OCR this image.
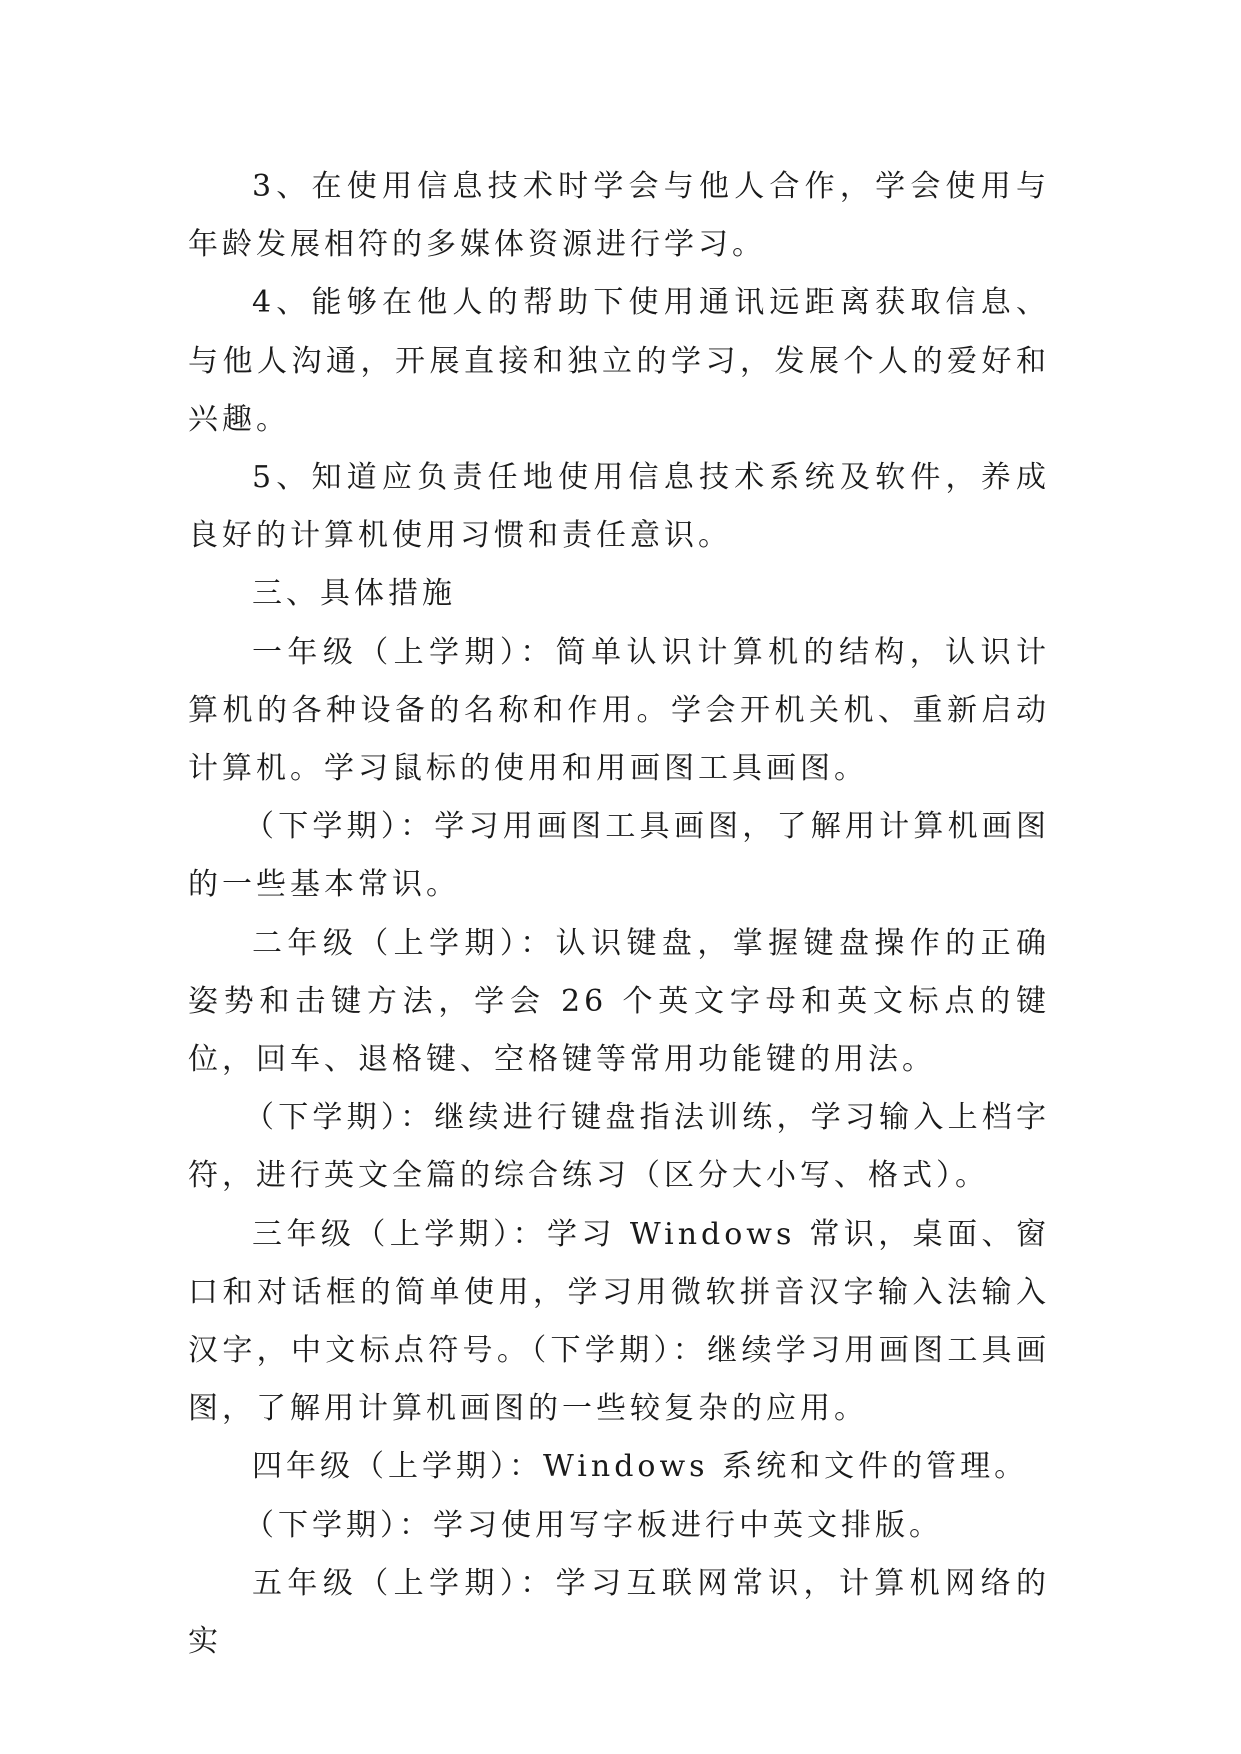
3、在使用信息技术时学会与他人合作，学会使用与年龄发展相符的多媒体资源进行学习。

4、能够在他人的帮助下使用通讯远距离获取信息、与他人沟通，开展直接和独立的学习，发展个人的爱好和兴趣。

5、知道应负责任地使用信息技术系统及软件，养成良好的计算机使用习惯和责任意识。

三、具体措施

一年级（上学期）：简单认识计算机的结构，认识计算机的各种设备的名称和作用。学会开机关机、重新启动计算机。学习鼠标的使用和用画图工具画图。

（下学期）：学习用画图工具画图，了解用计算机画图的一些基本常识。

二年级（上学期）：认识键盘，掌握键盘操作的正确姿势和击键方法，学会 26 个英文字母和英文标点的键位，回车、退格键、空格键等常用功能键的用法。

（下学期）：继续进行键盘指法训练，学习输入上档字符，进行英文全篇的综合练习（区分大小写、格式）。

三年级（上学期）：学习 Windows 常识，桌面、窗口和对话框的简单使用，学习用微软拼音汉字输入法输入汉字，中文标点符号。（下学期）：继续学习用画图工具画图，了解用计算机画图的一些较复杂的应用。

四年级（上学期）：Windows 系统和文件的管理。

（下学期）：学习使用写字板进行中英文排版。

五年级（上学期）：学习互联网常识，计算机网络的实
